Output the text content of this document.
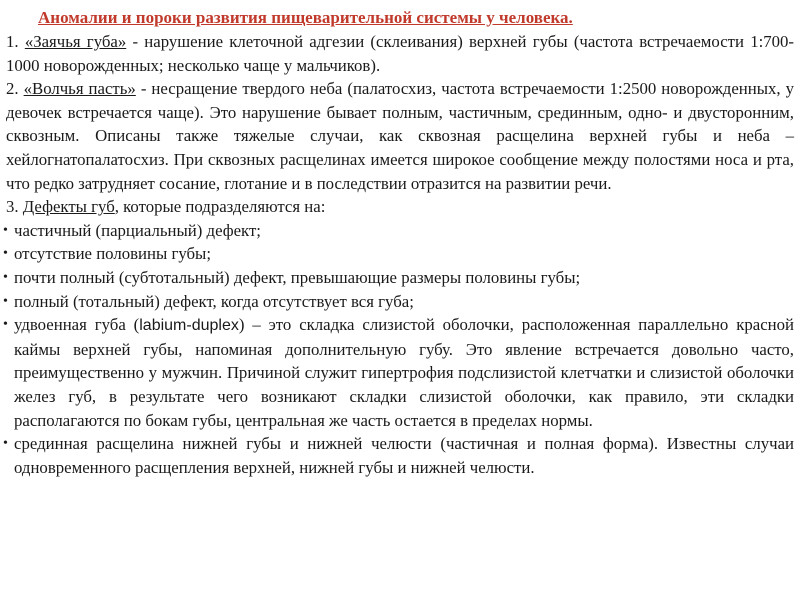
Аномалии и пороки развития пищеварительной системы у человека.

1. «Заячья губа» - нарушение клеточной адгезии (склеивания) верхней губы (частота встречаемости 1:700-1000 новорожденных; несколько чаще у мальчиков).

2. «Волчья пасть» - несращение твердого неба (палатосхиз, частота встречаемости 1:2500 новорожденных, у девочек встречается чаще). Это нарушение бывает полным, частичным, срединным, одно- и двусторонним, сквозным. Описаны также тяжелые случаи, как сквозная расщелина верхней губы и неба – хейлогнатопалатосхиз. При сквозных расщелинах имеется широкое сообщение между полостями носа и рта, что редко затрудняет сосание, глотание и в последствии отразится на развитии речи.

3. Дефекты губ, которые подразделяются на:

• частичный (парциальный) дефект;

• отсутствие половины губы;

• почти полный (субтотальный) дефект, превышающие размеры половины губы;

• полный (тотальный) дефект, когда отсутствует вся губа;

• удвоенная губа (labium-duplex) – это складка слизистой оболочки, расположенная параллельно красной каймы верхней губы, напоминая дополнительную губу. Это явление встречается довольно часто, преимущественно у мужчин. Причиной служит гипертрофия подслизистой клетчатки и слизистой оболочки желез губ, в результате чего возникают складки слизистой оболочки, как правило, эти складки располагаются по бокам губы, центральная же часть остается в пределах нормы.

• срединная расщелина нижней губы и нижней челюсти (частичная и полная форма). Известны случаи одновременного расщепления верхней, нижней губы и нижней челюсти.
